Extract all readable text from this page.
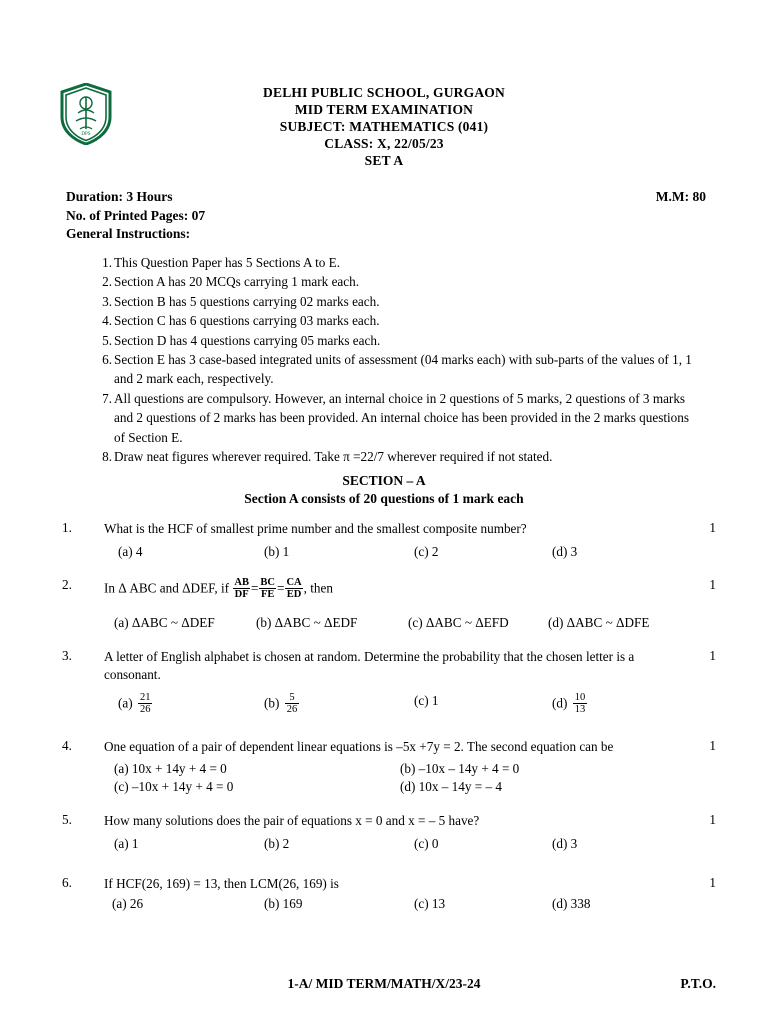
DPS
DELHI PUBLIC SCHOOL, GURGAON
MID TERM EXAMINATION
SUBJECT: MATHEMATICS (041)
CLASS: X, 22/05/23
SET A
Duration: 3 Hours	M.M: 80
No. of Printed Pages: 07
General Instructions:
1. This Question Paper has 5 Sections A to E.
2. Section A has 20 MCQs carrying 1 mark each.
3. Section B has 5 questions carrying 02 marks each.
4. Section C has 6 questions carrying 03 marks each.
5. Section D has 4 questions carrying 05 marks each.
6. Section E has 3 case-based integrated units of assessment (04 marks each) with sub-parts of the values of 1, 1 and 2 mark each, respectively.
7. All questions are compulsory. However, an internal choice in 2 questions of 5 marks, 2 questions of 3 marks and 2 questions of 2 marks has been provided. An internal choice has been provided in the 2 marks questions of Section E.
8. Draw neat figures wherever required. Take π =22/7 wherever required if not stated.
SECTION – A
Section A consists of 20 questions of 1 mark each
1.	1
What is the HCF of smallest prime number and the smallest composite number?
(a) 4	(b) 1	(c) 2	(d) 3
2.	1
In Δ ABC and ΔDEF, if $\frac{AB}{DF} = \frac{BC}{FE} = \frac{CA}{ED}$ , then
(a) ΔABC ~ ΔDEF	(b) ΔABC ~ ΔEDF	(c) ΔABC ~ ΔEFD	(d) ΔABC ~ ΔDFE
3.	1
A letter of English alphabet is chosen at random. Determine the probability that the chosen letter is a consonant.
$(a) \frac{21}{26}$	$(b) \frac{5}{26}$	(c) 1	$(d) \frac{10}{13}$
4.	1
One equation of a pair of dependent linear equations is –5x +7y = 2. The second equation can be
(a) 10x + 14y + 4 = 0	(b) –10x – 14y + 4 = 0
(c) –10x + 14y + 4 = 0	(d) 10x – 14y = – 4
5.	1
How many solutions does the pair of equations x = 0 and x = – 5 have?
(a) 1	(b) 2	(c) 0	(d) 3
6.	1
If HCF(26, 169) = 13, then LCM(26, 169) is
(a) 26	(b) 169	(c) 13	(d) 338
1-A/ MID TERM/MATH/X/23-24	P.T.O.
